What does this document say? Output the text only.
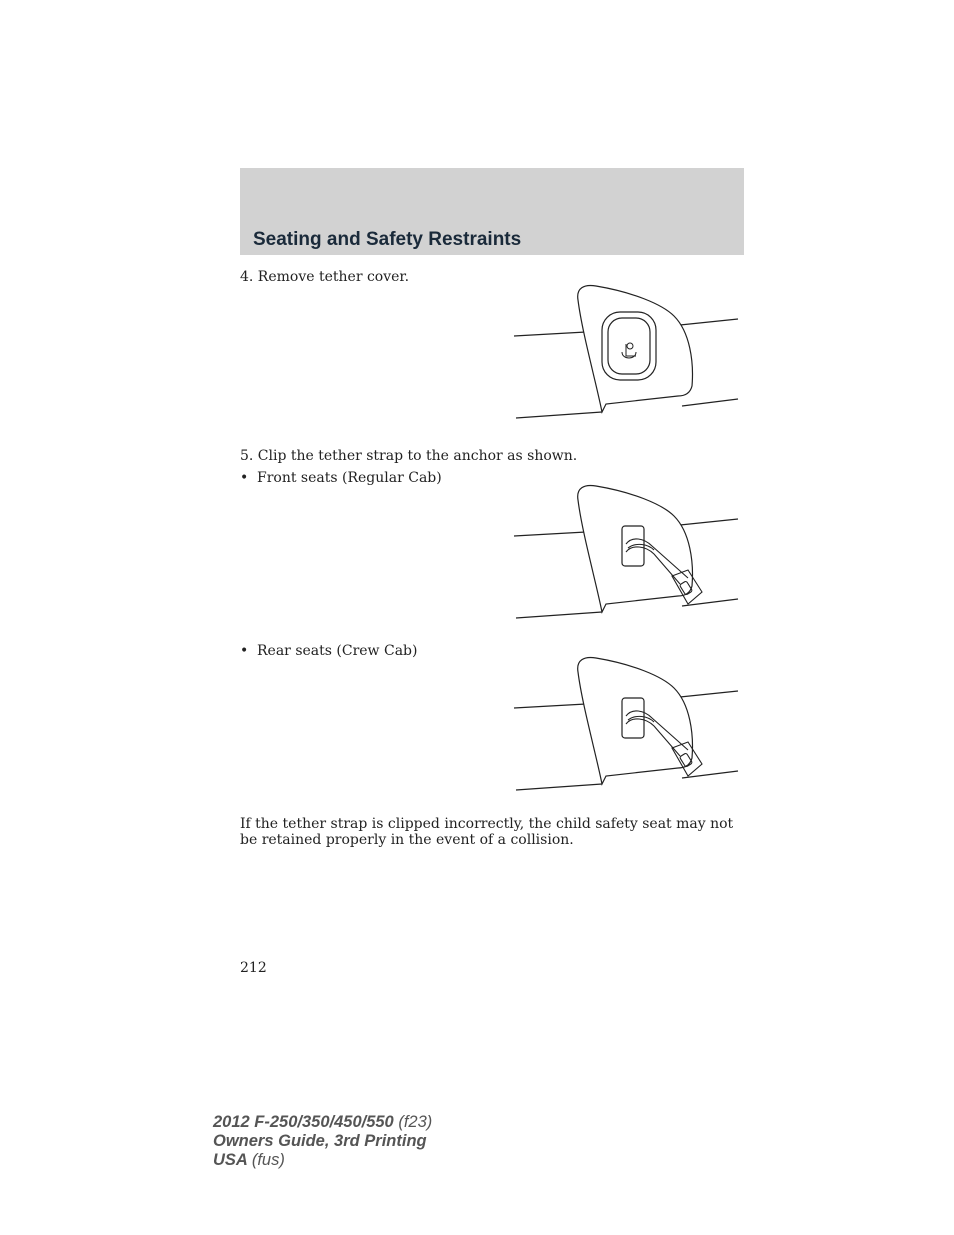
Seating and Safety Restraints

4. Remove tether cover.

5. Clip the tether strap to the anchor as shown.

• Front seats (Regular Cab)
• Rear seats (Crew Cab)

If the tether strap is clipped incorrectly, the child safety seat may not be retained properly in the event of a collision.

212
2012 F-250/350/450/550 (f23)
Owners Guide, 3rd Printing
USA (fus)
